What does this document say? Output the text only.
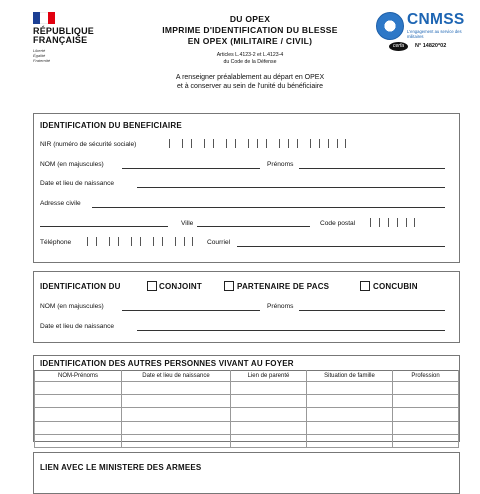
RÉPUBLIQUE
FRANÇAISE
Liberté
Égalité
Fraternité
DU OPEX
IMPRIME D'IDENTIFICATION DU BLESSE
EN OPEX (MILITAIRE / CIVIL)
Articles L.4123-2 et L.4123-4
du Code de la Défense
A renseigner préalablement au départ en OPEX
et à conserver au sein de l'unité du bénéficiaire
CNMSS
L'engagement au service des militaires
cerfa	N° 14820*02
IDENTIFICATION DU BENEFICIAIRE
NIR (numéro de sécurité sociale)
NOM (en majuscules)	Prénoms
Date et lieu de naissance
Adresse civile
Ville	Code postal
Téléphone	Courriel
IDENTIFICATION DU	CONJOINT	PARTENAIRE DE PACS	CONCUBIN
NOM (en majuscules)	Prénoms
Date et lieu de naissance
IDENTIFICATION DES AUTRES PERSONNES VIVANT AU FOYER
NOM-Prénoms	Date et lieu de naissance	Lien de parenté	Situation de famille	Profession

LIEN AVEC LE MINISTERE DES ARMEES
